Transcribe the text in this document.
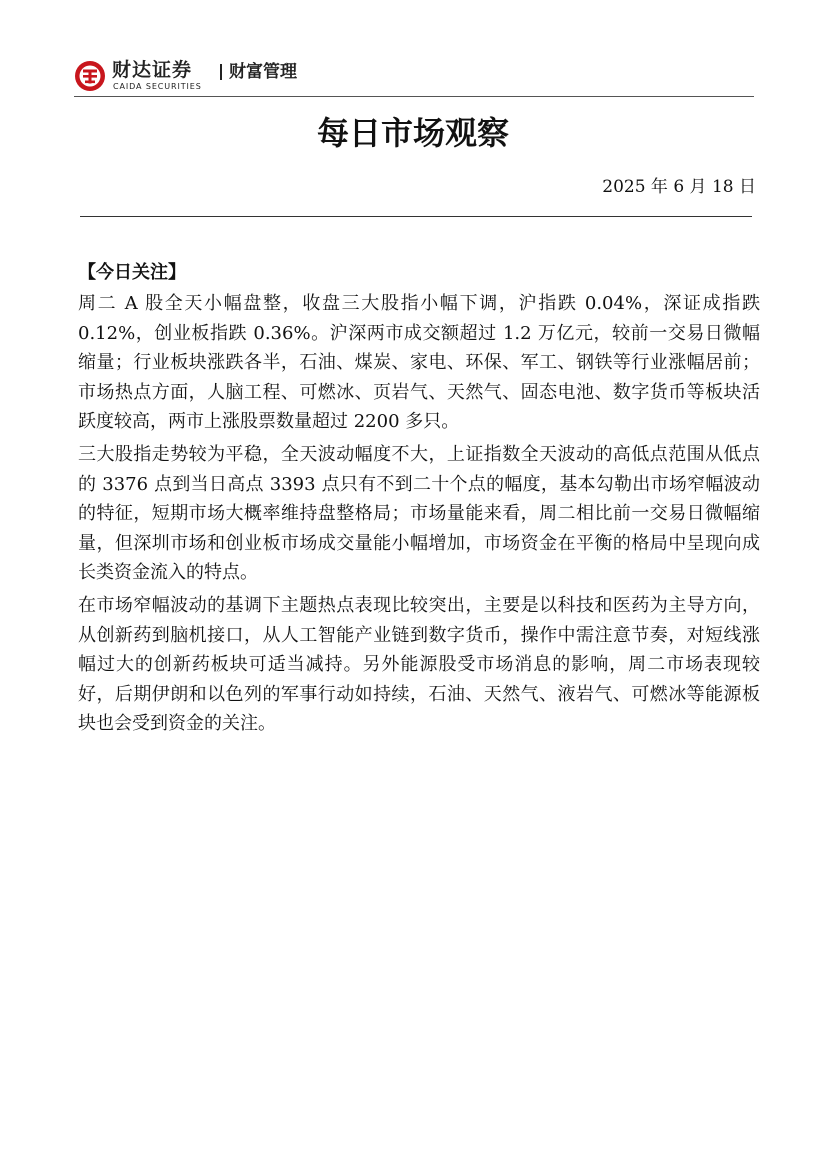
财达证券
CAIDA SECURITIES
财富管理
每日市场观察
2025 年 6 月 18 日
【今日关注】

周二 A 股全天小幅盘整，收盘三大股指小幅下调，沪指跌 0.04%，深证成指跌 0.12%，创业板指跌 0.36%。沪深两市成交额超过 1.2 万亿元，较前一交易日微幅缩量；行业板块涨跌各半，石油、煤炭、家电、环保、军工、钢铁等行业涨幅居前；市场热点方面，人脑工程、可燃冰、页岩气、天然气、固态电池、数字货币等板块活跃度较高，两市上涨股票数量超过 2200 多只。

三大股指走势较为平稳，全天波动幅度不大，上证指数全天波动的高低点范围从低点的 3376 点到当日高点 3393 点只有不到二十个点的幅度，基本勾勒出市场窄幅波动的特征，短期市场大概率维持盘整格局；市场量能来看，周二相比前一交易日微幅缩量，但深圳市场和创业板市场成交量能小幅增加，市场资金在平衡的格局中呈现向成长类资金流入的特点。

在市场窄幅波动的基调下主题热点表现比较突出，主要是以科技和医药为主导方向，从创新药到脑机接口，从人工智能产业链到数字货币，操作中需注意节奏，对短线涨幅过大的创新药板块可适当减持。另外能源股受市场消息的影响，周二市场表现较好，后期伊朗和以色列的军事行动如持续，石油、天然气、液岩气、可燃冰等能源板块也会受到资金的关注。
